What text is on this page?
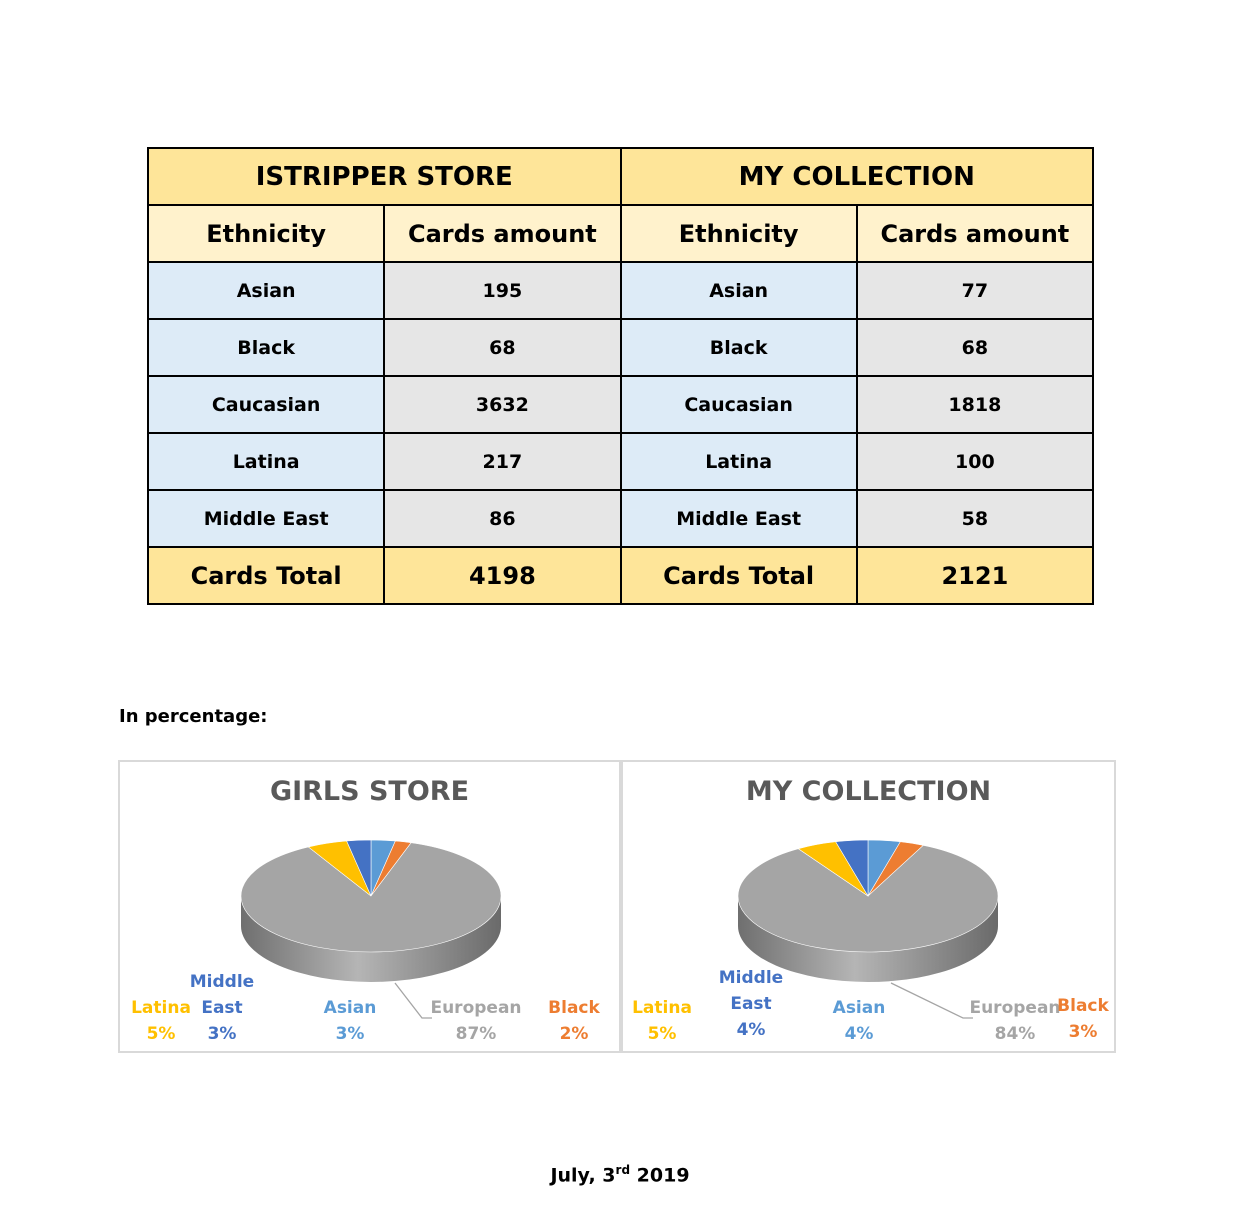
ISTRIPPER STORE		MY COLLECTION	
Ethnicity	Cards amount	Ethnicity	Cards amount
Asian	195	Asian	77
Black	68	Black	68
Caucasian	3632	Caucasian	1818
Latina	217	Latina	100
Middle East	86	Middle East	58
Cards Total	4198	Cards Total	2121
In percentage:
GIRLS STORE
Latina
5%
Middle
East
3%
Asian
3%
European
87%
Black
2%
MY COLLECTION
Latina
5%
Middle
East
4%
Asian
4%
European
84%
Black
3%
July, 3rd 2019
